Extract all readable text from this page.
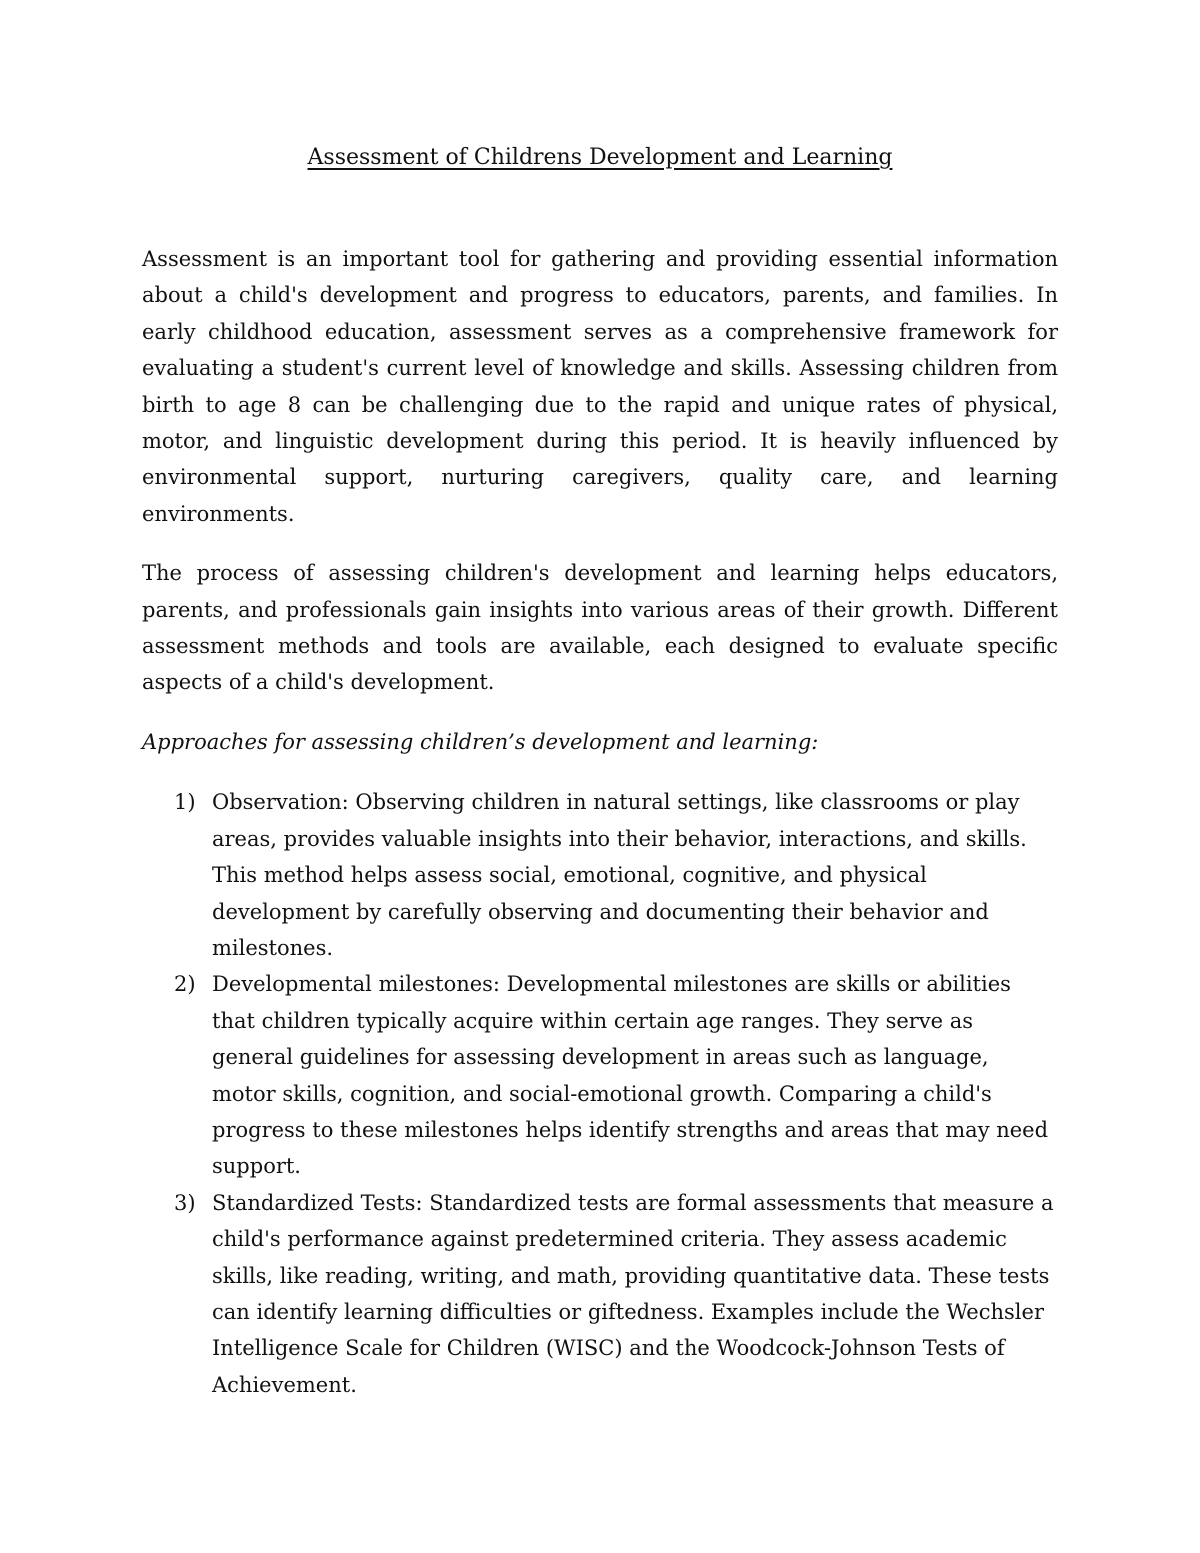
Assessment of Childrens Development and Learning

Assessment is an important tool for gathering and providing essential information about a child's development and progress to educators, parents, and families. In early childhood education, assessment serves as a comprehensive framework for evaluating a student's current level of knowledge and skills. Assessing children from birth to age 8 can be challenging due to the rapid and unique rates of physical, motor, and linguistic development during this period. It is heavily influenced by environmental support, nurturing caregivers, quality care, and learning environments.

The process of assessing children's development and learning helps educators, parents, and professionals gain insights into various areas of their growth. Different assessment methods and tools are available, each designed to evaluate specific aspects of a child's development.

Approaches for assessing children’s development and learning:

1) Observation: Observing children in natural settings, like classrooms or play areas, provides valuable insights into their behavior, interactions, and skills. This method helps assess social, emotional, cognitive, and physical development by carefully observing and documenting their behavior and milestones.
2) Developmental milestones: Developmental milestones are skills or abilities that children typically acquire within certain age ranges. They serve as general guidelines for assessing development in areas such as language, motor skills, cognition, and social-emotional growth. Comparing a child's progress to these milestones helps identify strengths and areas that may need support.
3) Standardized Tests: Standardized tests are formal assessments that measure a child's performance against predetermined criteria. They assess academic skills, like reading, writing, and math, providing quantitative data. These tests can identify learning difficulties or giftedness. Examples include the Wechsler Intelligence Scale for Children (WISC) and the Woodcock-Johnson Tests of Achievement.
